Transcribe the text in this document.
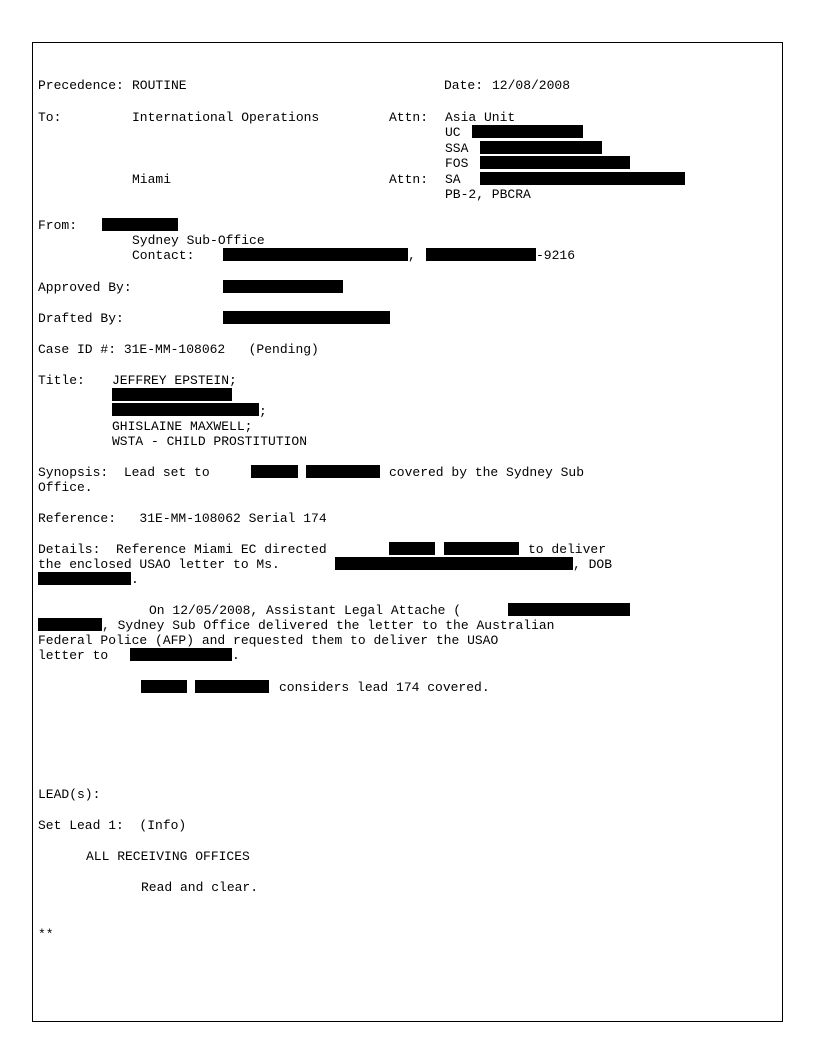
Precedence: ROUTINE	Date: 12/08/2008
To:	International Operations	Attn: Asia Unit
UC
SSA
FOS
Miami	Attn: SA
PB-2, PBCRA
From:
Sydney Sub-Office
Contact:	,	-9216
Approved By:
Drafted By:
Case ID #: 31E-MM-108062   (Pending)
Title: JEFFREY EPSTEIN;
;
GHISLAINE MAXWELL;
WSTA - CHILD PROSTITUTION
Synopsis:  Lead set to	covered by the Sydney Sub
Office.
Reference:   31E-MM-108062 Serial 174
Details:  Reference Miami EC directed	to deliver
the enclosed USAO letter to Ms.	, DOB
.
On 12/05/2008, Assistant Legal Attache (
, Sydney Sub Office delivered the letter to the Australian
Federal Police (AFP) and requested them to deliver the USAO
letter to	.
considers lead 174 covered.
LEAD(s):
Set Lead 1:  (Info)
ALL RECEIVING OFFICES
Read and clear.
**
